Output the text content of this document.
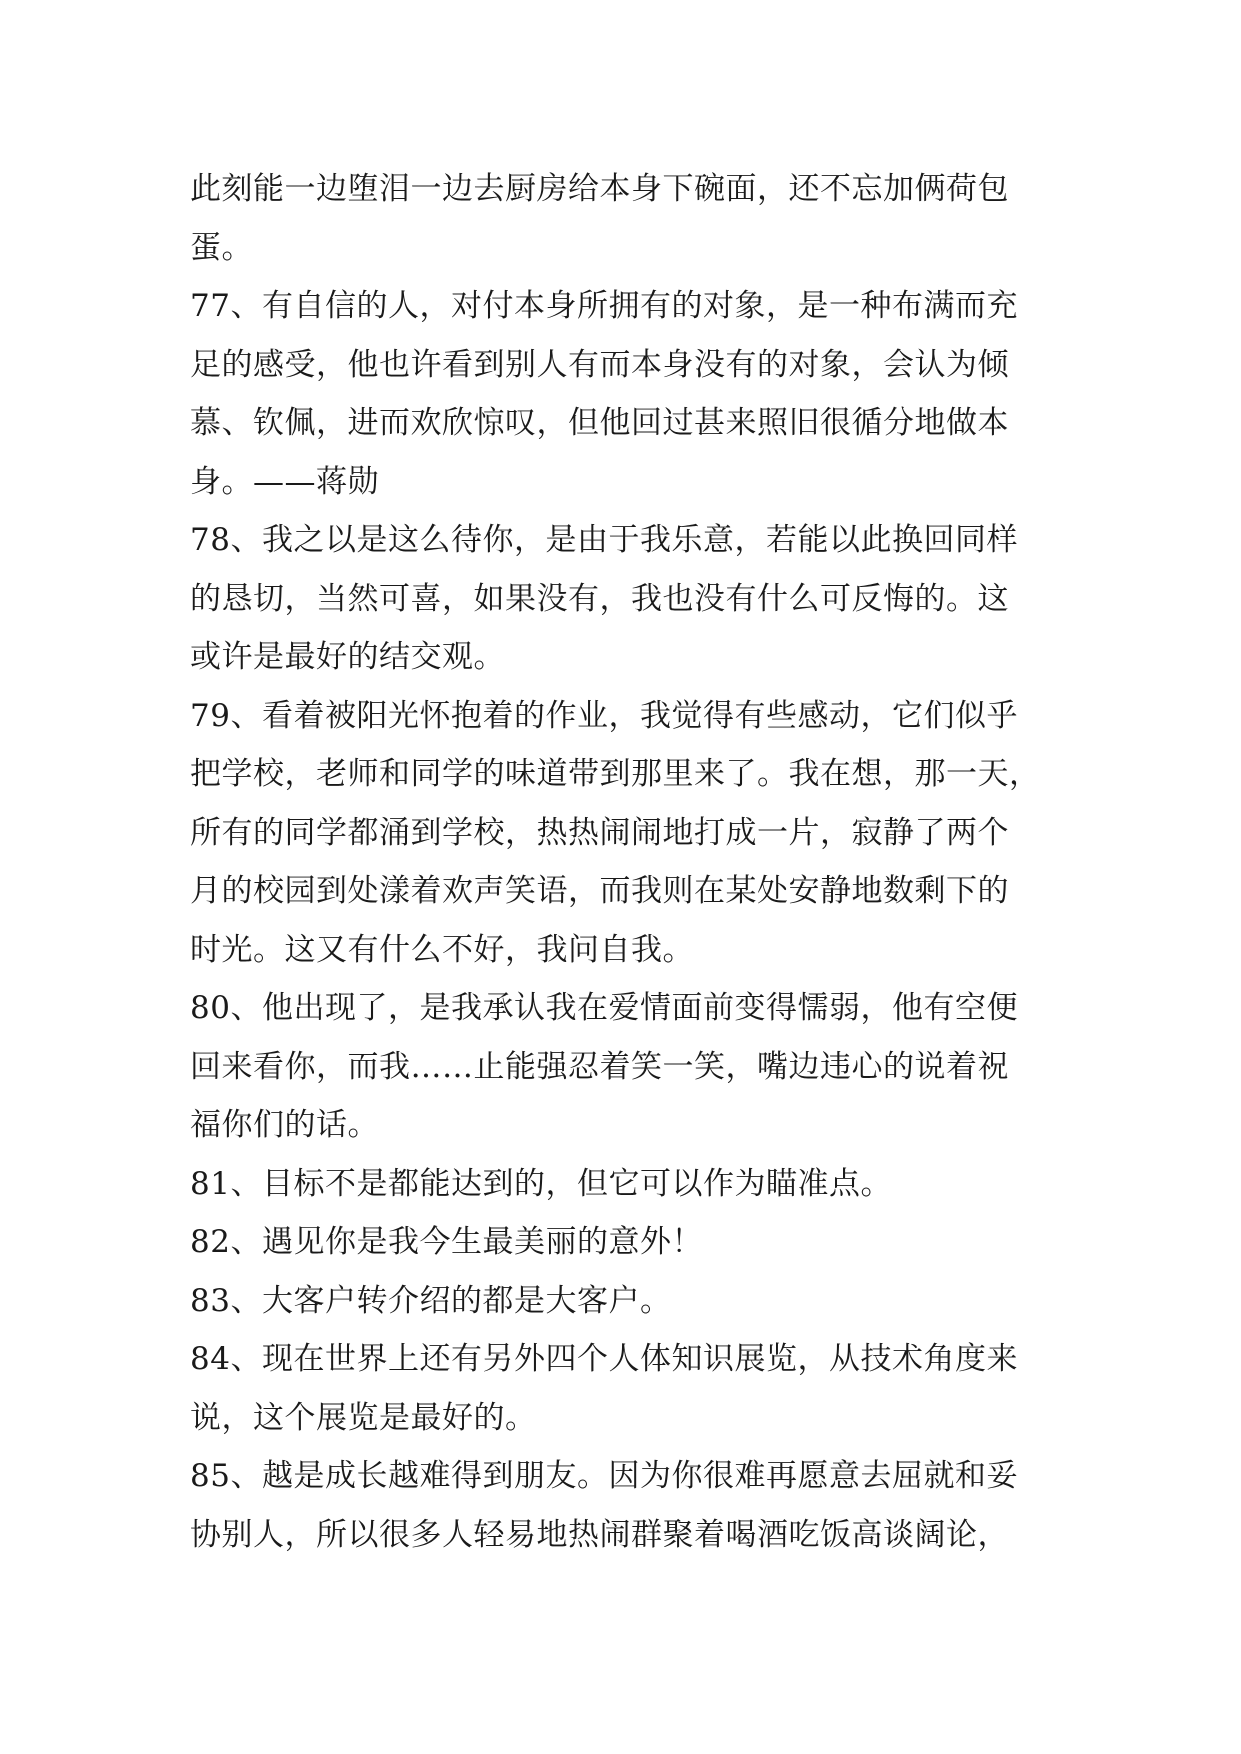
此刻能一边堕泪一边去厨房给本身下碗面，还不忘加俩荷包
蛋。
77、有自信的人，对付本身所拥有的对象，是一种布满而充
足的感受，他也许看到别人有而本身没有的对象，会认为倾
慕、钦佩，进而欢欣惊叹，但他回过甚来照旧很循分地做本
身。——蒋勋
78、我之以是这么待你，是由于我乐意，若能以此换回同样
的恳切，当然可喜，如果没有，我也没有什么可反悔的。这
或许是最好的结交观。
79、看着被阳光怀抱着的作业，我觉得有些感动，它们似乎
把学校，老师和同学的味道带到那里来了。我在想，那一天，
所有的同学都涌到学校，热热闹闹地打成一片，寂静了两个
月的校园到处漾着欢声笑语，而我则在某处安静地数剩下的
时光。这又有什么不好，我问自我。
80、他出现了，是我承认我在爱情面前变得懦弱，他有空便
回来看你，而我……止能强忍着笑一笑，嘴边违心的说着祝
福你们的话。
81、目标不是都能达到的，但它可以作为瞄准点。
82、遇见你是我今生最美丽的意外！
83、大客户转介绍的都是大客户。
84、现在世界上还有另外四个人体知识展览，从技术角度来
说，这个展览是最好的。
85、越是成长越难得到朋友。因为你很难再愿意去屈就和妥
协别人，所以很多人轻易地热闹群聚着喝酒吃饭高谈阔论，
